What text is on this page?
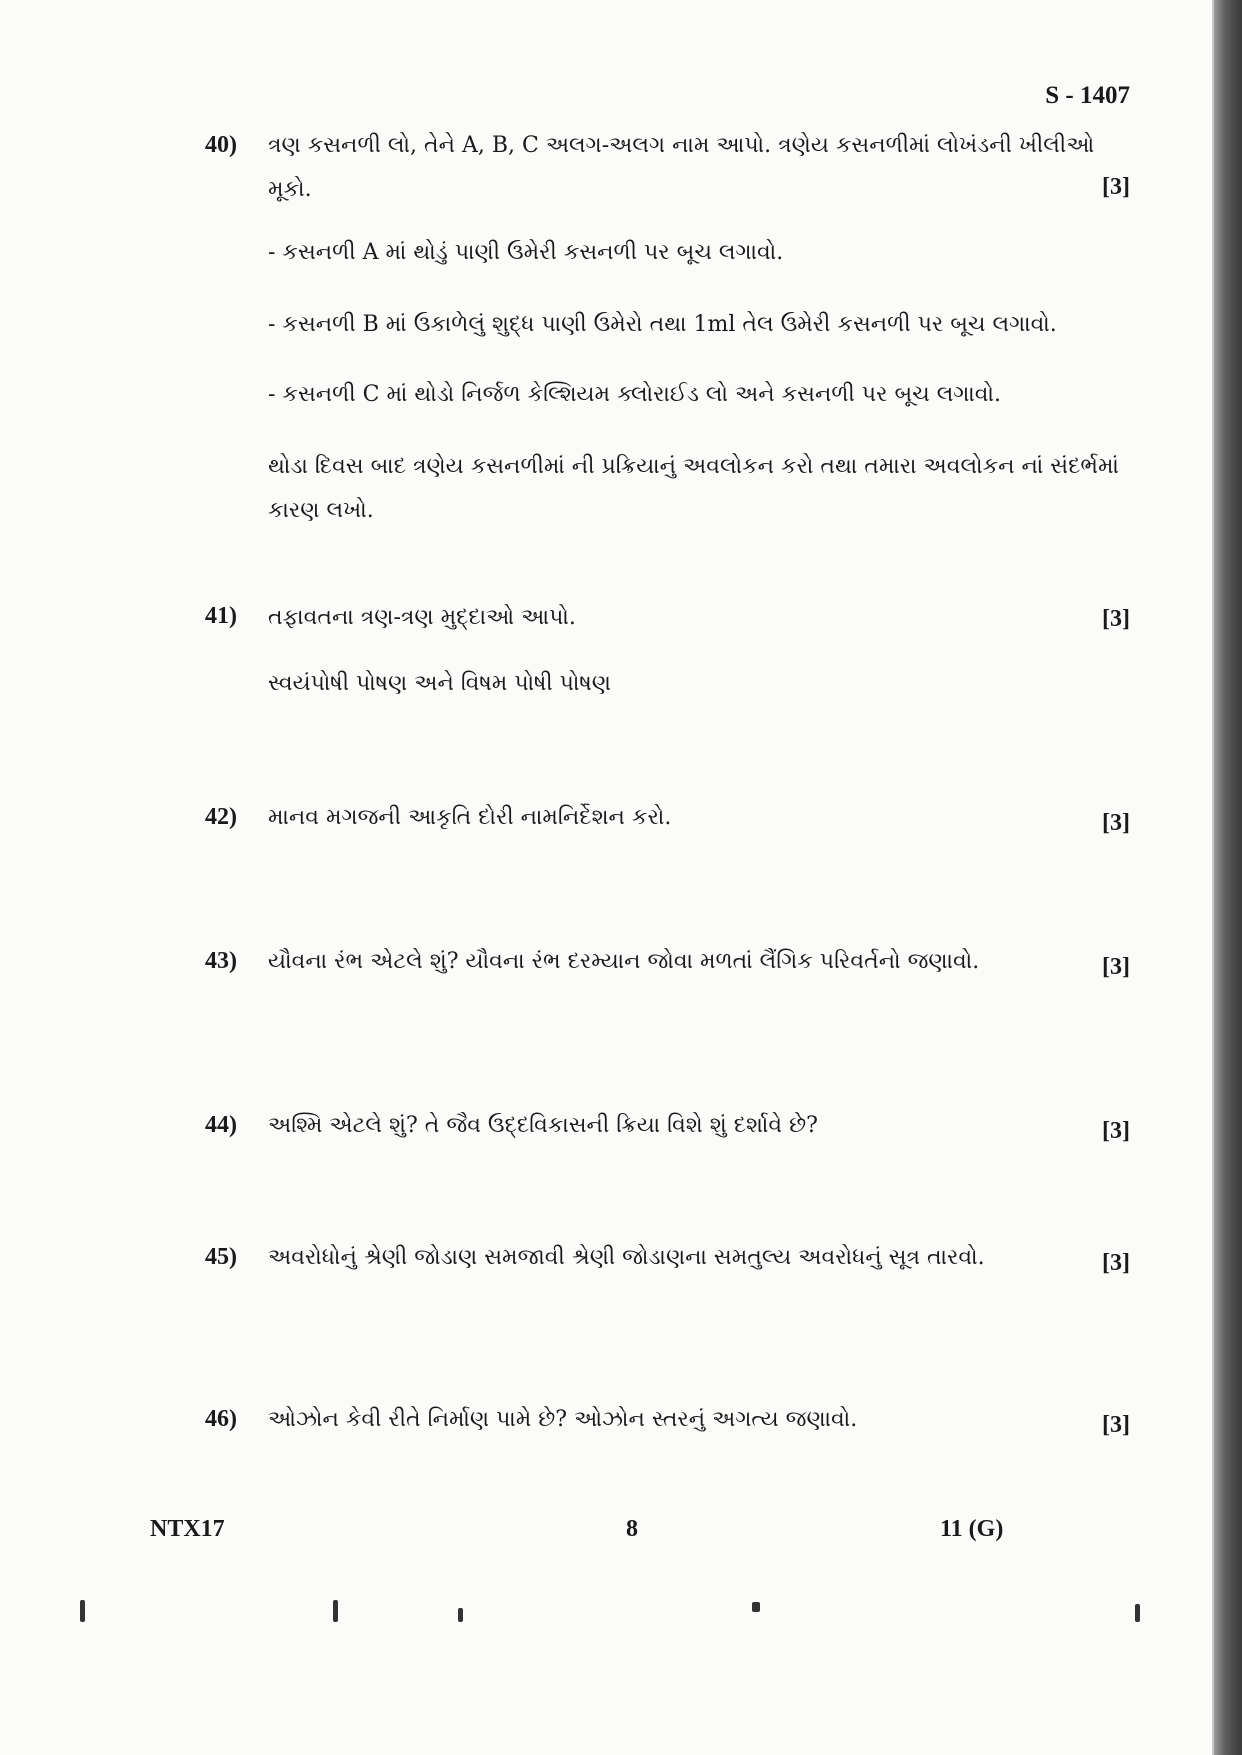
S - 1407
40)	ત્રણ કસનળી લો, તેને A, B, C અલગ-અલગ નામ આપો. ત્રણેય કસનળીમાં લોખંડની ખીલીઓ મૂકો.	[3]
- કસનળી A માં થોડું પાણી ઉમેરી કસનળી પર બૂચ લગાવો.
- કસનળી B માં ઉકાળેલું શુદ્ધ પાણી ઉમેરો તથા 1ml તેલ ઉમેરી કસનળી પર બૂચ લગાવો.
- કસનળી C માં થોડો નિર્જળ કેલ્શિયમ ક્લોરાઈડ લો અને કસનળી પર બૂચ લગાવો.
થોડા દિવસ બાદ ત્રણેય કસનળીમાં ની પ્રક્રિયાનું અવલોકન કરો તથા તમારા અવલોકન નાં સંદર્ભમાં કારણ લખો.
41)	તફાવતના ત્રણ-ત્રણ મુદ્દાઓ આપો.	[3]
સ્વયંપોષી પોષણ અને વિષમ પોષી પોષણ
42)	માનવ મગજની આકૃતિ દોરી નામનિર્દેશન કરો.	[3]
43)	યૌવના રંભ એટલે શું? યૌવના રંભ દરમ્યાન જોવા મળતાં લૈંગિક પરિવર્તનો જણાવો.	[3]
44)	અશ્મિ એટલે શું? તે જૈવ ઉદ્દવિકાસની ક્રિયા વિશે શું દર્શાવે છે?	[3]
45)	અવરોધોનું શ્રેણી જોડાણ સમજાવી શ્રેણી જોડાણના સમતુલ્ય અવરોધનું સૂત્ર તારવો.	[3]
46)	ઓઝોન કેવી રીતે નિર્માણ પામે છે? ઓઝોન સ્તરનું અગત્ય જણાવો.	[3]
NTX17	8	11 (G)
